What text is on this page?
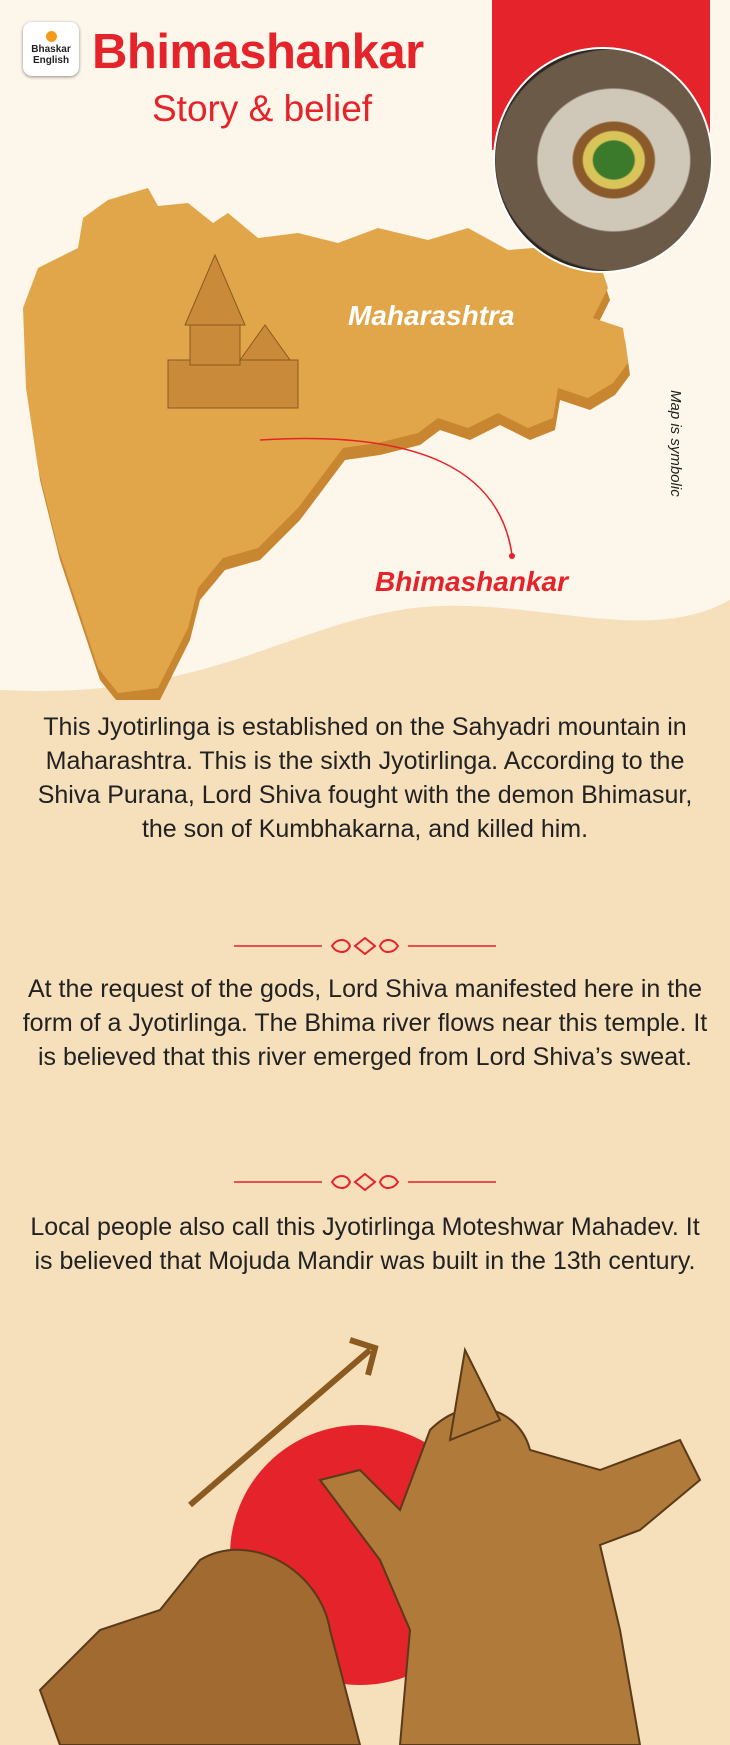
Bhaskar
English Bhimashankar
Story & belief
Maharashtra
Bhimashankar
Map is symbolic
This Jyotirlinga is established on the Sahyadri mountain in Maharashtra. This is the sixth Jyotirlinga. According to the Shiva Purana, Lord Shiva fought with the demon Bhimasur, the son of Kumbhakarna, and killed him.
At the request of the gods, Lord Shiva manifested here in the form of a Jyotirlinga. The Bhima river flows near this temple. It is believed that this river emerged from Lord Shiva’s sweat.
Local people also call this Jyotirlinga Moteshwar Mahadev. It is believed that Mojuda Mandir was built in the 13th century.
